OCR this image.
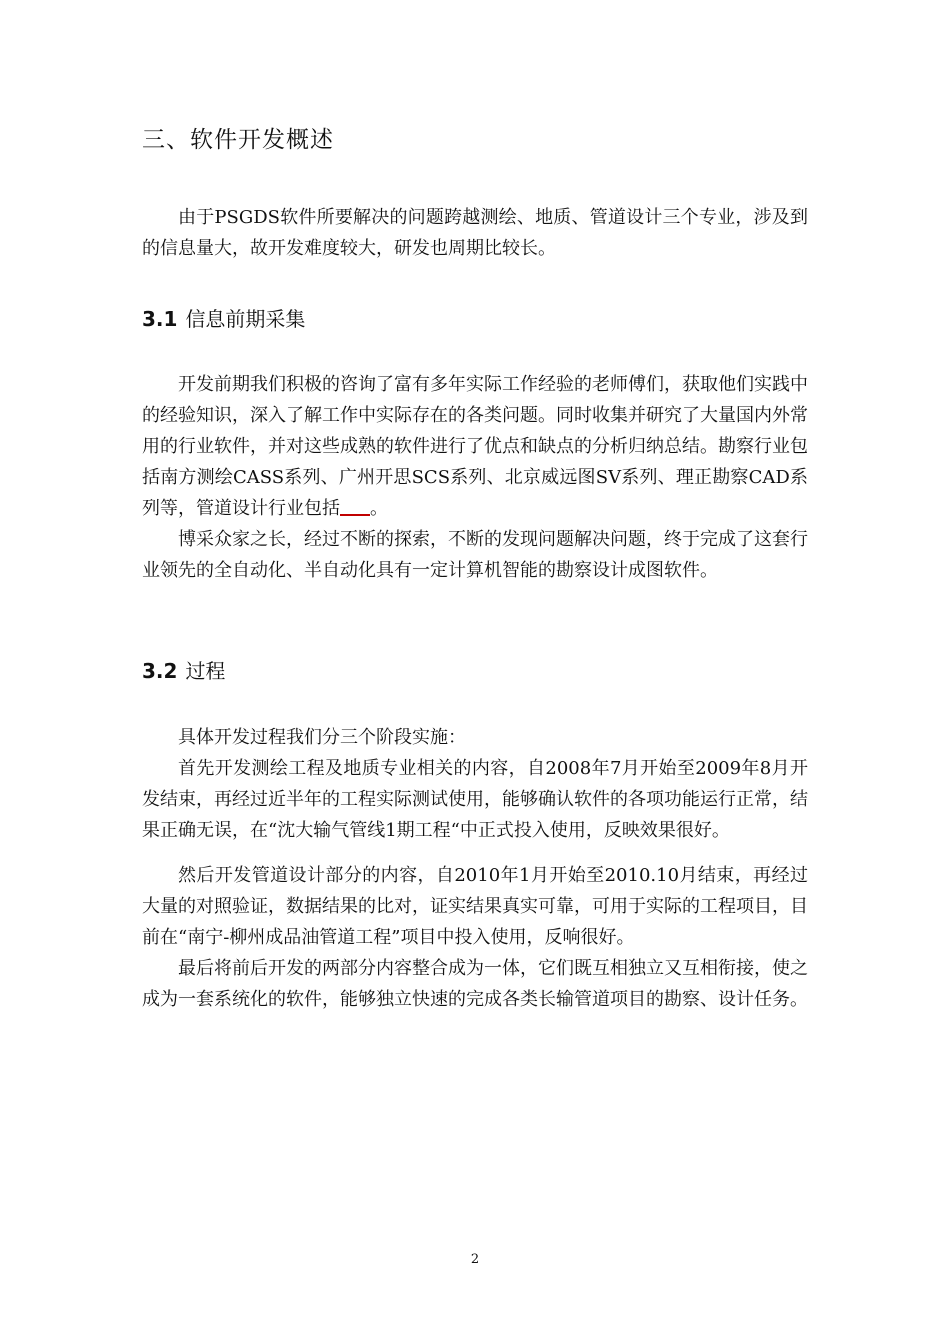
三、软件开发概述

由于PSGDS软件所要解决的问题跨越测绘、地质、管道设计三个专业，涉及到的信息量大，故开发难度较大，研发也周期比较长。

3.1 信息前期采集

开发前期我们积极的咨询了富有多年实际工作经验的老师傅们，获取他们实践中的经验知识，深入了解工作中实际存在的各类问题。同时收集并研究了大量国内外常用的行业软件，并对这些成熟的软件进行了优点和缺点的分析归纳总结。勘察行业包括南方测绘CASS系列、广州开思SCS系列、北京威远图SV系列、理正勘察CAD系列等，管道设计行业包括 。

博采众家之长，经过不断的探索，不断的发现问题解决问题，终于完成了这套行业领先的全自动化、半自动化具有一定计算机智能的勘察设计成图软件。

3.2 过程

具体开发过程我们分三个阶段实施：

首先开发测绘工程及地质专业相关的内容，自2008年7月开始至2009年8月开发结束，再经过近半年的工程实际测试使用，能够确认软件的各项功能运行正常，结果正确无误，在“沈大输气管线1期工程“中正式投入使用，反映效果很好。

然后开发管道设计部分的内容，自2010年1月开始至2010.10月结束，再经过大量的对照验证，数据结果的比对，证实结果真实可靠，可用于实际的工程项目，目前在“南宁-柳州成品油管道工程”项目中投入使用，反响很好。

最后将前后开发的两部分内容整合成为一体，它们既互相独立又互相衔接，使之成为一套系统化的软件，能够独立快速的完成各类长输管道项目的勘察、设计任务。

2
